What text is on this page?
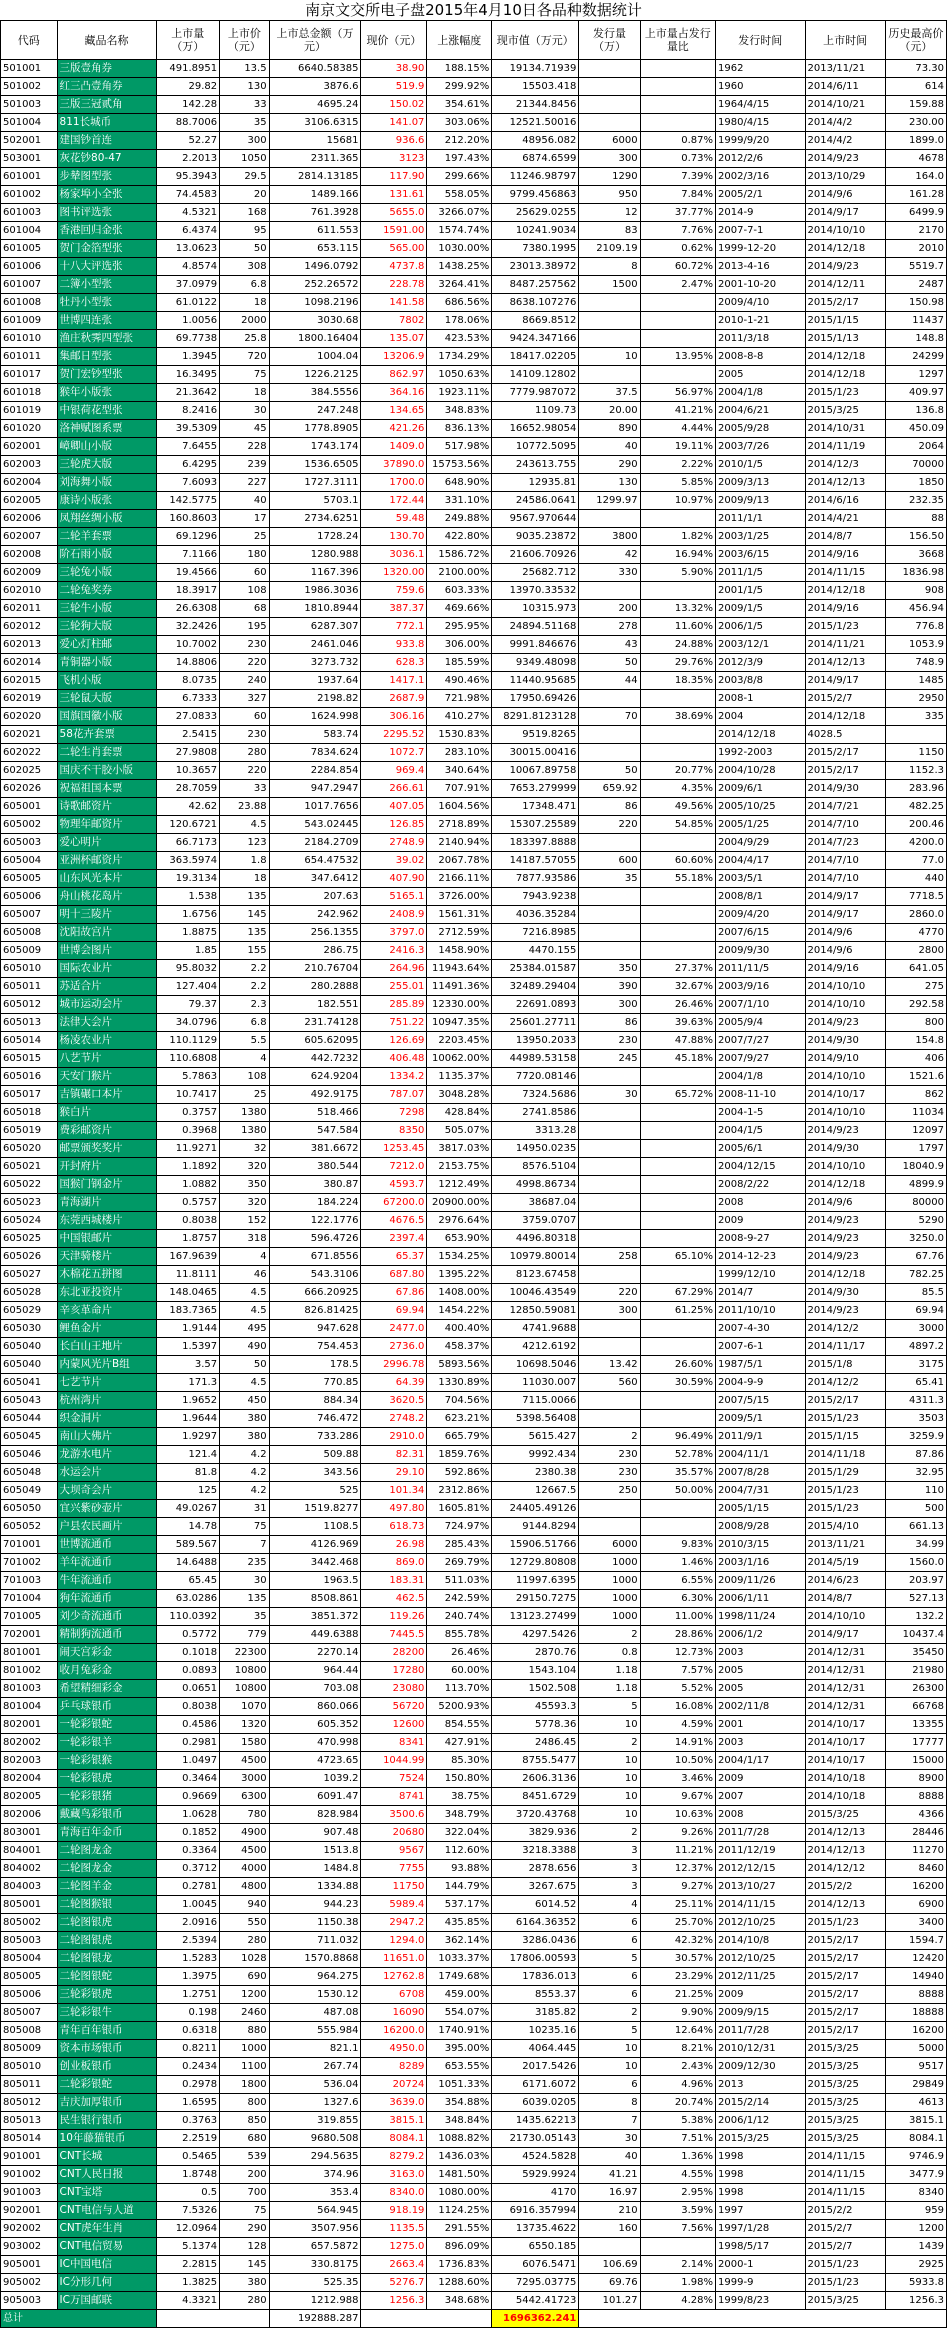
南京文交所电子盘2015年4月10日各品种数据统计
代码	藏品名称	上市量（万）	上市价（元）	上市总金额（万元）	现价（元）	上涨幅度	现市值（万元）	发行量（万）	上市量占发行量比	发行时间	上市时间	历史最高价（元）
501001	三版壹角券	491.8951	13.5	6640.58385	38.90	188.15%	19134.71939			1962	2013/11/21	73.30
501002	红三凸壹角券	29.82	130	3876.6	519.9	299.92%	15503.418			1960	2014/6/11	614
501003	三版三冠贰角	142.28	33	4695.24	150.02	354.61%	21344.8456			1964/4/15	2014/10/21	159.88
501004	811长城币	88.7006	35	3106.6315	141.07	303.06%	12521.50016			1980/4/15	2014/4/2	230.00
502001	建国钞首连	52.27	300	15681	936.6	212.20%	48956.082	6000	0.87%	1999/9/20	2014/4/2	1899.0
503001	灰花钞80-47	2.2013	1050	2311.365	3123	197.43%	6874.6599	300	0.73%	2012/2/6	2014/9/23	4678
601001	步辇图型张	95.3943	29.5	2814.13185	117.90	299.66%	11246.98797	1290	7.39%	2002/3/16	2013/10/29	164.0
601002	杨家埠小全张	74.4583	20	1489.166	131.61	558.05%	9799.456863	950	7.84%	2005/2/1	2014/9/6	161.28
601003	图书评选张	4.5321	168	761.3928	5655.0	3266.07%	25629.0255	12	37.77%	2014-9	2014/9/17	6499.9
601004	香港回归金张	6.4374	95	611.553	1591.00	1574.74%	10241.9034	83	7.76%	2007-7-1	2014/10/10	2170
601005	贺门金箔型张	13.0623	50	653.115	565.00	1030.00%	7380.1995	2109.19	0.62%	1999-12-20	2014/12/18	2010
601006	十八大评选张	4.8574	308	1496.0792	4737.8	1438.25%	23013.38972	8	60.72%	2013-4-16	2014/9/23	5519.7
601007	二簿小型张	37.0979	6.8	252.26572	228.78	3264.41%	8487.257562	1500	2.47%	2001-10-20	2014/12/11	2487
601008	牡丹小型张	61.0122	18	1098.2196	141.58	686.56%	8638.107276			2009/4/10	2015/2/17	150.98
601009	世博四连张	1.0056	2000	3030.68	7802	178.06%	8669.8512			2010-1-21	2015/1/15	11437
601010	渔庄秋霁四型张	69.7738	25.8	1800.16404	135.07	423.53%	9424.347166			2011/3/18	2015/1/13	148.8
601011	集邮日型张	1.3945	720	1004.04	13206.9	1734.29%	18417.02205	10	13.95%	2008-8-8	2014/12/18	24299
601017	贺门宏钞型张	16.3495	75	1226.2125	862.97	1050.63%	14109.12802			2005	2014/12/18	1297
601018	猴年小版张	21.3642	18	384.5556	364.16	1923.11%	7779.987072	37.5	56.97%	2004/1/8	2015/1/23	409.97
601019	中银荷花型张	8.2416	30	247.248	134.65	348.83%	1109.73	20.00	41.21%	2004/6/21	2015/3/25	136.8
601020	洛神赋图系票	39.5309	45	1778.8905	421.26	836.13%	16652.98054	890	4.44%	2005/9/28	2014/10/31	450.09
602001	嶂卿山小版	7.6455	228	1743.174	1409.0	517.98%	10772.5095	40	19.11%	2003/7/26	2014/11/19	2064
602003	三轮虎大版	6.4295	239	1536.6505	37890.0	15753.56%	243613.755	290	2.22%	2010/1/5	2014/12/3	70000
602004	刘海舞小版	7.6093	227	1727.3111	1700.0	648.90%	12935.81	130	5.85%	2009/3/13	2014/12/13	1850
602005	康诗小版张	142.5775	40	5703.1	172.44	331.10%	24586.0641	1299.97	10.97%	2009/9/13	2014/6/16	232.35
602006	凤翔丝绸小版	160.8603	17	2734.6251	59.48	249.88%	9567.970644			2011/1/1	2014/4/21	88
602007	二轮羊套票	69.1296	25	1728.24	130.70	422.80%	9035.23872	3800	1.82%	2003/1/25	2014/8/7	156.50
602008	阶石雨小版	7.1166	180	1280.988	3036.1	1586.72%	21606.70926	42	16.94%	2003/6/15	2014/9/16	3668
602009	三轮兔小版	19.4566	60	1167.396	1320.00	2100.00%	25682.712	330	5.90%	2011/1/5	2014/11/15	1836.98
602010	二轮兔奖券	18.3917	108	1986.3036	759.6	603.33%	13970.33532			2001/1/5	2014/12/18	908
602011	三轮牛小版	26.6308	68	1810.8944	387.37	469.66%	10315.973	200	13.32%	2009/1/5	2014/9/16	456.94
602012	三轮狗大版	32.2426	195	6287.307	772.1	295.95%	24894.51168	278	11.60%	2006/1/5	2015/1/23	776.8
602013	爱心灯柱邮	10.7002	230	2461.046	933.8	306.00%	9991.846676	43	24.88%	2003/12/1	2014/11/21	1053.9
602014	青铜器小版	14.8806	220	3273.732	628.3	185.59%	9349.48098	50	29.76%	2012/3/9	2014/12/13	748.9
602015	飞机小版	8.0735	240	1937.64	1417.1	490.46%	11440.95685	44	18.35%	2003/8/8	2014/9/17	1485
602019	三轮鼠大版	6.7333	327	2198.82	2687.9	721.98%	17950.69426			2008-1	2015/2/7	2950
602020	国旗国徽小版	27.0833	60	1624.998	306.16	410.27%	8291.8123128	70	38.69%	2004	2014/12/18	335
602021	58花卉套票	2.5415	230	583.74	2295.52	1530.83%	9519.8265			2014/12/18	4028.5	
602022	二轮生肖套票	27.9808	280	7834.624	1072.7	283.10%	30015.00416			1992-2003	2015/2/17	1150
602025	国庆不干胶小版	10.3657	220	2284.854	969.4	340.64%	10067.89758	50	20.77%	2004/10/28	2015/2/17	1152.3
602026	祝福祖国本票	28.7059	33	947.2947	266.61	707.91%	7653.279999	659.92	4.35%	2009/6/1	2014/9/30	283.96
605001	诗歌邮资片	42.62	23.88	1017.7656	407.05	1604.56%	17348.471	86	49.56%	2005/10/25	2014/7/21	482.25
605002	物理年邮资片	120.6721	4.5	543.02445	126.85	2718.89%	15307.25589	220	54.85%	2005/1/25	2014/7/10	200.46
605003	爱心明片	66.7173	123	2184.2709	2748.9	2140.94%	183397.8888			2004/9/29	2014/7/23	4200.0
605004	亚洲杯邮资片	363.5974	1.8	654.47532	39.02	2067.78%	14187.57055	600	60.60%	2004/4/17	2014/7/10	77.0
605005	山东风光本片	19.3134	18	347.6412	407.90	2166.11%	7877.93586	35	55.18%	2003/5/1	2014/7/10	440
605006	舟山桃花岛片	1.538	135	207.63	5165.1	3726.00%	7943.9238			2008/8/1	2014/9/17	7718.5
605007	明十三陵片	1.6756	145	242.962	2408.9	1561.31%	4036.35284			2009/4/20	2014/9/17	2860.0
605008	沈阳故宫片	1.8875	135	256.1355	3797.0	2712.59%	7216.8985			2007/6/15	2014/9/6	4770
605009	世博会图片	1.85	155	286.75	2416.3	1458.90%	4470.155			2009/9/30	2014/9/6	2800
605010	国际农业片	95.8032	2.2	210.76704	264.96	11943.64%	25384.01587	350	27.37%	2011/11/5	2014/9/16	641.05
605011	苏适合片	127.404	2.2	280.2888	255.01	11491.36%	32489.29404	390	32.67%	2003/9/16	2014/10/10	275
605012	城市运动会片	79.37	2.3	182.551	285.89	12330.00%	22691.0893	300	26.46%	2007/1/10	2014/10/10	292.58
605013	法律大会片	34.0796	6.8	231.74128	751.22	10947.35%	25601.27711	86	39.63%	2005/9/4	2014/9/23	800
605014	杨凌农业片	110.1129	5.5	605.62095	126.69	2203.45%	13950.2033	230	47.88%	2007/7/27	2014/9/30	154.8
605015	八艺节片	110.6808	4	442.7232	406.48	10062.00%	44989.53158	245	45.18%	2007/9/27	2014/9/10	406
605016	天安门猴片	5.7863	108	624.9204	1334.2	1135.37%	7720.08146			2004/1/8	2014/10/10	1521.6
605017	吉镇碾口本片	10.7417	25	492.9175	787.07	3048.28%	7324.5686	30	65.72%	2008-11-10	2014/10/17	862
605018	猴白片	0.3757	1380	518.466	7298	428.84%	2741.8586			2004-1-5	2014/10/10	11034
605019	费彩邮资片	0.3968	1380	547.584	8350	505.07%	3313.28			2004/1/5	2014/9/23	12097
605020	邮票颁奖奖片	11.9271	32	381.6672	1253.45	3817.03%	14950.0235			2005/6/1	2014/9/30	1797
605021	开封府片	1.1892	320	380.544	7212.0	2153.75%	8576.5104			2004/12/15	2014/10/10	18040.9
605022	国猴门钢金片	1.0882	350	380.87	4593.7	1212.49%	4998.86734			2008/2/22	2014/12/18	4899.9
605023	青海湖片	0.5757	320	184.224	67200.0	20900.00%	38687.04			2008	2014/9/6	80000
605024	东莞西城楼片	0.8038	152	122.1776	4676.5	2976.64%	3759.0707			2009	2014/9/23	5290
605025	中国银邮片	1.8757	318	596.4726	2397.4	653.90%	4496.80318			2008-9-27	2014/9/23	3250.0
605026	天津骑楼片	167.9639	4	671.8556	65.37	1534.25%	10979.80014	258	65.10%	2014-12-23	2014/9/23	67.76
605027	木棉花五拼图	11.8111	46	543.3106	687.80	1395.22%	8123.67458			1999/12/10	2014/12/18	782.25
605028	东北亚投资片	148.0465	4.5	666.20925	67.86	1408.00%	10046.43549	220	67.29%	2014/7	2014/9/30	85.5
605029	辛亥革命片	183.7365	4.5	826.81425	69.94	1454.22%	12850.59081	300	61.25%	2011/10/10	2014/9/23	69.94
605030	鲤鱼金片	1.9144	495	947.628	2477.0	400.40%	4741.9688			2007-4-30	2014/12/2	3000
605040	长白山王地片	1.5397	490	754.453	2736.0	458.37%	4212.6192			2007-6-1	2014/11/17	4897.2
605040	内蒙风光片B组	3.57	50	178.5	2996.78	5893.56%	10698.5046	13.42	26.60%	1987/5/1	2015/1/8	3175
605041	七艺节片	171.3	4.5	770.85	64.39	1330.89%	11030.007	560	30.59%	2004-9-9	2014/12/2	65.41
605043	杭州湾片	1.9652	450	884.34	3620.5	704.56%	7115.0066			2007/5/15	2015/2/17	4311.3
605044	织金洞片	1.9644	380	746.472	2748.2	623.21%	5398.56408			2009/5/1	2015/1/23	3503
605045	南山大佛片	1.9297	380	733.286	2910.0	665.79%	5615.427	2	96.49%	2011/9/1	2015/1/15	3259.9
605046	龙游水电片	121.4	4.2	509.88	82.31	1859.76%	9992.434	230	52.78%	2004/11/1	2014/11/18	87.86
605048	水运会片	81.8	4.2	343.56	29.10	592.86%	2380.38	230	35.57%	2007/8/28	2015/1/29	32.95
605049	大坝奇会片	125	4.2	525	101.34	2312.86%	12667.5	250	50.00%	2004/7/31	2015/1/23	110
605050	宜兴紫砂壶片	49.0267	31	1519.8277	497.80	1605.81%	24405.49126			2005/1/15	2015/1/23	500
605052	户县农民画片	14.78	75	1108.5	618.73	724.97%	9144.8294			2008/9/28	2015/4/10	661.13
701001	世博流通币	589.567	7	4126.969	26.98	285.43%	15906.51766	6000	9.83%	2010/3/15	2013/11/21	34.99
701002	羊年流通币	14.6488	235	3442.468	869.0	269.79%	12729.80808	1000	1.46%	2003/1/16	2014/5/19	1560.0
701003	牛年流通币	65.45	30	1963.5	183.31	511.03%	11997.6395	1000	6.55%	2009/11/26	2014/6/23	203.97
701004	狗年流通币	63.0286	135	8508.861	462.5	242.59%	29150.7275	1000	6.30%	2006/1/11	2014/8/7	527.13
701005	刘少奇流通币	110.0392	35	3851.372	119.26	240.74%	13123.27499	1000	11.00%	1998/11/24	2014/10/10	132.2
702001	精制狗流通币	0.5772	779	449.6388	7445.5	855.78%	4297.5426	2	28.86%	2006/1/2	2014/9/17	10437.4
801001	闹天宫彩金	0.1018	22300	2270.14	28200	26.46%	2870.76	0.8	12.73%	2003	2014/12/31	35450
801002	收月兔彩金	0.0893	10800	964.44	17280	60.00%	1543.104	1.18	7.57%	2005	2014/12/31	21980
801003	希望精细彩金	0.0651	10800	703.08	23080	113.70%	1502.508	1.18	5.52%	2005	2014/12/31	26300
801004	乒乓球银币	0.8038	1070	860.066	56720	5200.93%	45593.3	5	16.08%	2002/11/8	2014/12/31	66768
802001	一轮彩银蛇	0.4586	1320	605.352	12600	854.55%	5778.36	10	4.59%	2001	2014/10/17	13355
802002	一轮彩银羊	0.2981	1580	470.998	8341	427.91%	2486.45	2	14.91%	2003	2014/10/17	17777
802003	一轮彩银猴	1.0497	4500	4723.65	1044.99	85.30%	8755.5477	10	10.50%	2004/1/17	2014/10/17	15000
802004	一轮彩银虎	0.3464	3000	1039.2	7524	150.80%	2606.3136	10	3.46%	2009	2014/10/18	8900
802005	一轮彩银猪	0.9669	6300	6091.47	8741	38.75%	8451.6729	10	9.67%	2007	2014/10/18	8888
802006	戴藏鸟彩银币	1.0628	780	828.984	3500.6	348.79%	3720.43768	10	10.63%	2008	2015/3/25	4366
803001	青海百年金币	0.1852	4900	907.48	20680	322.04%	3829.936	2	9.26%	2011/7/28	2014/12/13	28446
804001	二轮图龙金	0.3364	4500	1513.8	9567	112.60%	3218.3388	3	11.21%	2011/12/19	2014/12/13	11270
804002	二轮图龙金	0.3712	4000	1484.8	7755	93.88%	2878.656	3	12.37%	2012/12/15	2014/12/12	8460
804003	二轮图羊金	0.2781	4800	1334.88	11750	144.79%	3267.675	3	9.27%	2013/10/27	2015/2/2	16200
805001	二轮图猴银	1.0045	940	944.23	5989.4	537.17%	6014.52	4	25.11%	2014/11/15	2014/12/13	6900
805002	二轮图银虎	2.0916	550	1150.38	2947.2	435.85%	6164.36352	6	25.70%	2012/10/25	2015/1/23	3400
805003	二轮图银虎	2.5394	280	711.032	1294.0	362.14%	3286.0436	6	42.32%	2014/10/8	2015/2/17	1594.7
805004	二轮图银龙	1.5283	1028	1570.8868	11651.0	1033.37%	17806.00593	5	30.57%	2012/10/25	2015/2/17	12420
805005	二轮图银蛇	1.3975	690	964.275	12762.8	1749.68%	17836.013	6	23.29%	2012/11/25	2015/2/17	14940
805006	三轮彩银虎	1.2751	1200	1530.12	6708	459.00%	8553.37	6	21.25%	2009	2015/2/17	8888
805007	三轮彩银牛	0.198	2460	487.08	16090	554.07%	3185.82	2	9.90%	2009/9/15	2015/2/17	18888
805008	青年百年银币	0.6318	880	555.984	16200.0	1740.91%	10235.16	5	12.64%	2011/7/28	2015/2/17	16200
805009	资本市场银币	0.8211	1000	821.1	4950.0	395.00%	4064.445	10	8.21%	2010/12/31	2015/3/25	5000
805010	创业板银币	0.2434	1100	267.74	8289	653.55%	2017.5426	10	2.43%	2009/12/30	2015/3/25	9517
805011	二轮彩银蛇	0.2978	1800	536.04	20724	1051.33%	6171.6072	6	4.96%	2013	2015/3/25	29849
805012	吉庆加厚银币	1.6595	800	1327.6	3639.0	354.88%	6039.0205	8	20.74%	2015/2/14	2015/3/25	4613
805013	民生银行银币	0.3763	850	319.855	3815.1	348.84%	1435.62213	7	5.38%	2006/1/12	2015/3/25	3815.1
805014	10年藤猫银币	2.2519	680	9680.508	8084.1	1088.82%	21730.05143	30	7.51%	2015/3/25	2015/3/25	8084.1
901001	CNT长城	0.5465	539	294.5635	8279.2	1436.03%	4524.5828	40	1.36%	1998	2014/11/15	9746.9
901002	CNT人民日报	1.8748	200	374.96	3163.0	1481.50%	5929.9924	41.21	4.55%	1998	2014/11/15	3477.9
901003	CNT宝塔	0.5	700	353.4	8340.0	1080.00%	4170	16.97	2.95%	1998	2014/11/15	8340
902001	CNT电信与人道	7.5326	75	564.945	918.19	1124.25%	6916.357994	210	3.59%	1997	2015/2/2	959
902002	CNT虎年生肖	12.0964	290	3507.956	1135.5	291.55%	13735.4622	160	7.56%	1997/1/28	2015/2/7	1200
903002	CNT电信贸易	5.1374	128	657.5872	1275.0	896.09%	6550.185			1998/5/17	2015/2/7	1439
905001	IC中国电信	2.2815	145	330.8175	2663.4	1736.83%	6076.5471	106.69	2.14%	2000-1	2015/1/23	2925
905002	IC分形几何	1.3825	380	525.35	5276.7	1288.60%	7295.03775	69.76	1.98%	1999-9	2015/1/23	5933.8
905003	IC万国邮联	4.3321	280	1212.988	1256.3	348.68%	5442.41723	101.27	4.28%	1999/8/23	2015/3/25	1256.3
总计				192888.287			1696362.241					
